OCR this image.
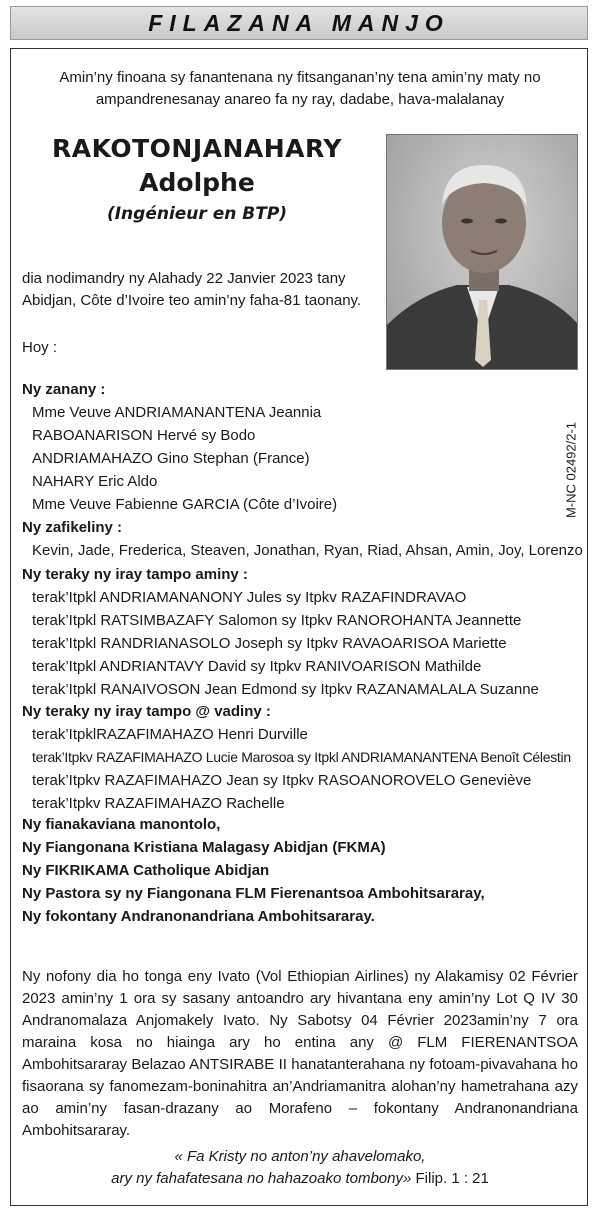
FILAZANA MANJO
Amin’ny finoana sy fanantenana ny fitsanganan’ny tena amin’ny maty no ampandrenesanay anareo fa ny ray, dadabe, hava-malalanay
RAKOTONJANAHARY
Adolphe
(Ingénieur en BTP)
dia nodimandry ny Alahady 22 Janvier 2023 tany Abidjan, Côte d’Ivoire teo amin’ny faha-81 taonany.
Hoy :
Ny zanany :
Mme Veuve ANDRIAMANANTENA Jeannia
RABOANARISON Hervé sy Bodo
ANDRIAMAHAZO Gino Stephan (France)
NAHARY Eric Aldo
Mme Veuve Fabienne GARCIA (Côte d’Ivoire)	M-NC 02492/2-1
Ny zafikeliny :
Kevin, Jade, Frederica, Steaven, Jonathan, Ryan, Riad, Ahsan, Amin, Joy, Lorenzo
Ny teraky ny iray tampo aminy :
terak’Itpkl ANDRIAMANANONY Jules sy Itpkv RAZAFINDRAVAO
terak’Itpkl RATSIMBAZAFY Salomon sy Itpkv RANOROHANTA Jeannette
terak’Itpkl RANDRIANASOLO Joseph sy Itpkv RAVAOARISOA Mariette
terak’Itpkl ANDRIANTAVY David sy Itpkv RANIVOARISON Mathilde
terak’Itpkl RANAIVOSON Jean Edmond sy Itpkv RAZANAMALALA Suzanne
Ny teraky ny iray tampo @ vadiny :
terak’ItpklRAZAFIMAHAZO Henri Durville
terak’Itpkv RAZAFIMAHAZO Lucie Marosoa sy Itpkl ANDRIAMANANTENA Benoît Célestin
terak’Itpkv RAZAFIMAHAZO Jean sy Itpkv RASOANOROVELO Geneviève
terak’Itpkv RAZAFIMAHAZO Rachelle
Ny fianakaviana manontolo,
Ny Fiangonana Kristiana Malagasy Abidjan (FKMA)
Ny FIKRIKAMA Catholique Abidjan
Ny Pastora sy ny Fiangonana FLM Fierenantsoa Ambohitsararay,
Ny fokontany Andranonandriana Ambohitsararay.
Ny nofony dia ho tonga eny Ivato (Vol Ethiopian Airlines) ny Alakamisy 02 Février 2023 amin’ny 1 ora sy sasany antoandro ary hivantana eny amin’ny Lot Q IV 30 Andranomalaza Anjomakely Ivato. Ny Sabotsy 04 Février 2023amin’ny 7 ora maraina kosa no hiainga ary ho entina any @ FLM FIERENANTSOA Ambohitsararay Belazao ANTSIRABE II hanatanterahana ny fotoam-pivavahana ho fisaorana sy fanomezam-boninahitra an’Andriamanitra alohan’ny hametrahana azy ao amin’ny fasan-drazany ao Morafeno – fokontany Andranonandriana Ambohitsararay.
« Fa Kristy no anton’ny ahavelomako,
ary ny fahafatesana no hahazoako tombony» Filip. 1 : 21
